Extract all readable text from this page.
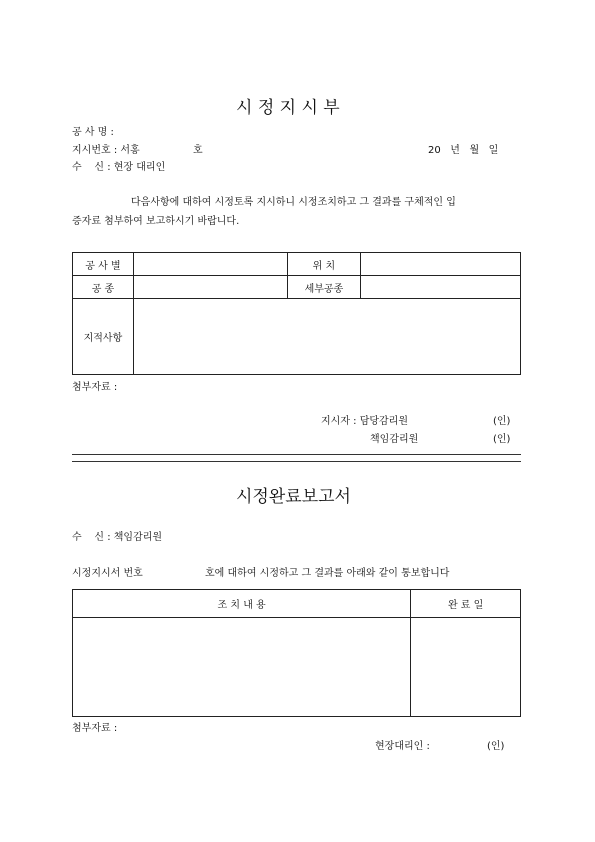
시 정 지 시 부
공 사 명 :
지시번호 : 서홍	호	20   년   월   일
수    신 : 현장 대리인
다음사항에 대하여 시정토록 지시하니 시정조치하고 그 결과를 구체적인 입
증자료 첨부하여 보고하시기 바랍니다.
공 사 별		위 치	
공 종		세부공종	
지적사항			
첨부자료 :
지시자 : 담당감리원	(인)
책임감리원	(인)
시정완료보고서
수    신 : 책임감리원
시정지시서 번호	호에 대하여 시정하고 그 결과를 아래와 같이 통보합니다
조 치 내 용	완 료 일

첨부자료 :
현장대리인 :	(인)
